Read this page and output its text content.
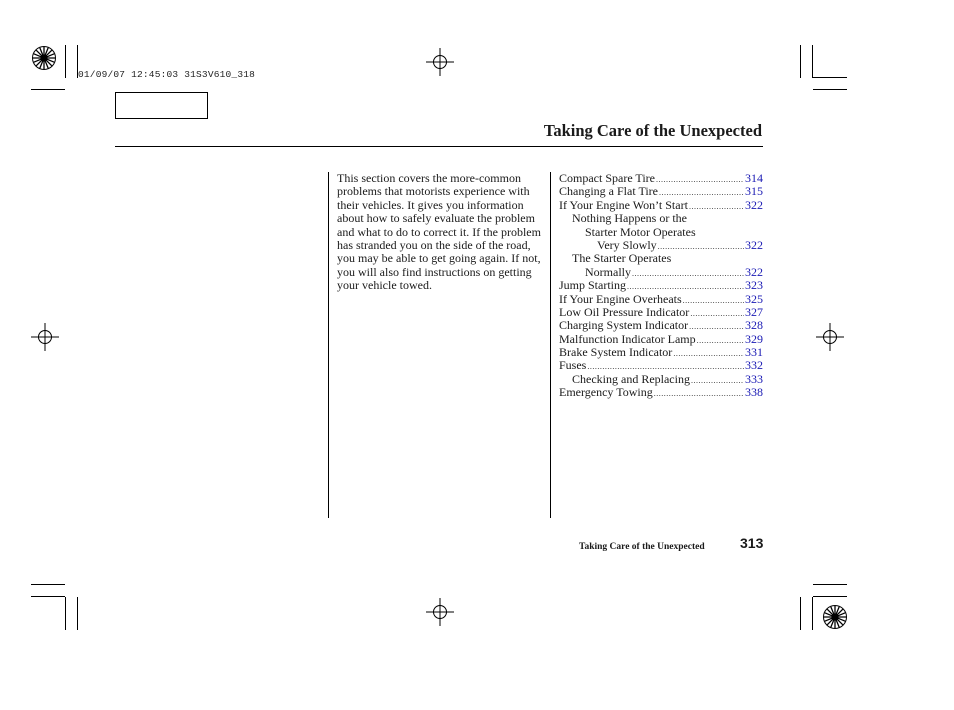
01/09/07 12:45:03 31S3V610_318
Taking Care of the Unexpected

This section covers the more-common problems that motorists experience with their vehicles. It gives you information about how to safely evaluate the problem and what to do to correct it. If the problem has stranded you on the side of the road, you may be able to get going again. If not, you will also find instructions on getting your vehicle towed.

Compact Spare Tire .....	314
Changing a Flat Tire .....	315
If Your Engine Won’t Start .....	322
Nothing Happens or the
Starter Motor Operates
Very Slowly .....	322
The Starter Operates
Normally .....	322
Jump Starting .....	323
If Your Engine Overheats .....	325
Low Oil Pressure Indicator .....	327
Charging System Indicator .....	328
Malfunction Indicator Lamp .....	329
Brake System Indicator .....	331
Fuses .....	332
Checking and Replacing .....	333
Emergency Towing .....	338
Taking Care of the Unexpected	313
